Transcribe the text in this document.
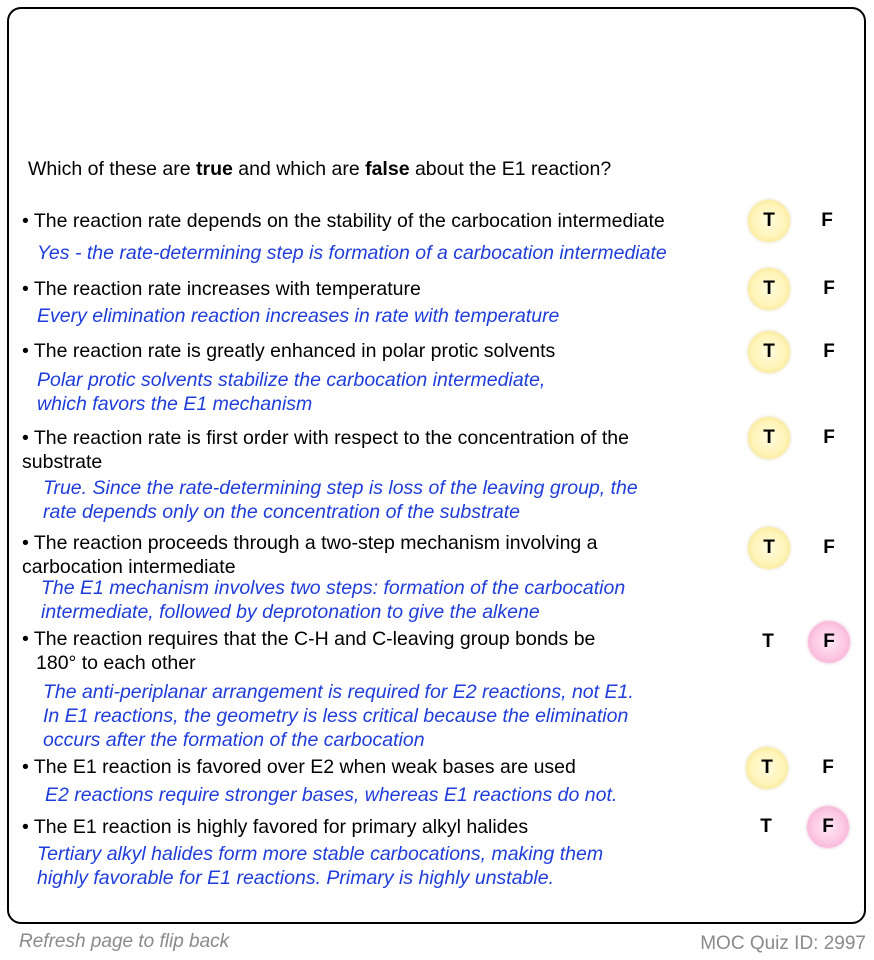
Which of these are true and which are false about the E1 reaction?
• The reaction rate depends on the stability of the carbocation intermediate
Yes - the rate-determining step is formation of a carbocation intermediate
T	F
• The reaction rate increases with temperature
Every elimination reaction increases in rate with temperature
T	F
• The reaction rate is greatly enhanced in polar protic solvents
Polar protic solvents stabilize the carbocation intermediate,
which favors the E1 mechanism
T	F
• The reaction rate is first order with respect to the concentration of the
substrate
True. Since the rate-determining step is loss of the leaving group, the
rate depends only on the concentration of the substrate
T	F
• The reaction proceeds through a two-step mechanism involving a
carbocation intermediate
The E1 mechanism involves two steps: formation of the carbocation
intermediate, followed by deprotonation to give the alkene
T	F
• The reaction requires that the C-H and C-leaving group bonds be
180° to each other
The anti-periplanar arrangement is required for E2 reactions, not E1.
In E1 reactions, the geometry is less critical because the elimination
occurs after the formation of the carbocation
T	F
• The E1 reaction is favored over E2 when weak bases are used
E2 reactions require stronger bases, whereas E1 reactions do not.
T	F
• The E1 reaction is highly favored for primary alkyl halides
Tertiary alkyl halides form more stable carbocations, making them
highly favorable for E1 reactions. Primary is highly unstable.
T	F
Refresh page to flip back	MOC Quiz ID: 2997
